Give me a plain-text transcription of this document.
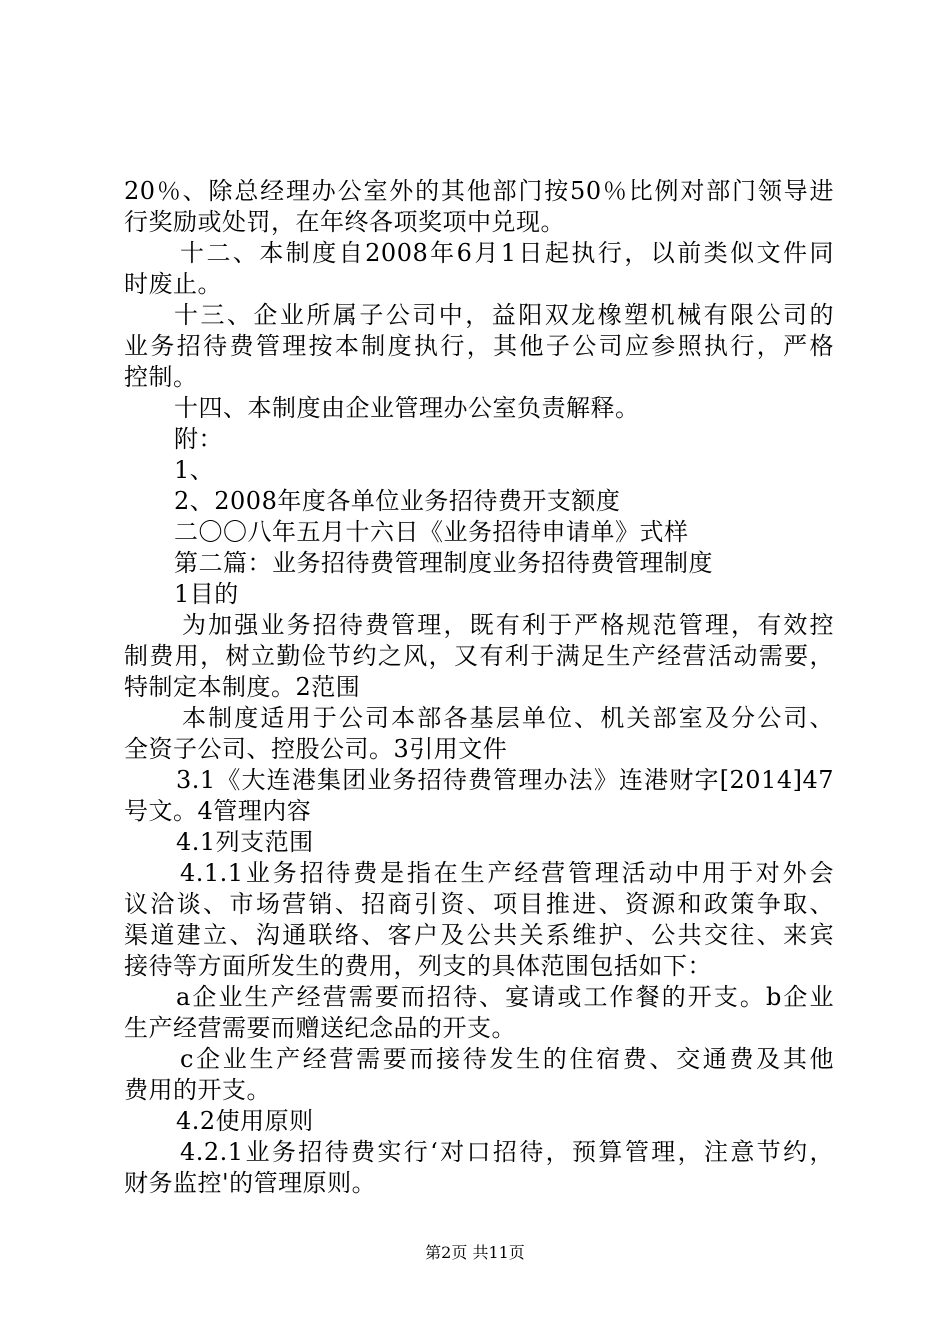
20％、除总经理办公室外的其他部门按50％比例对部门领导进
行奖励或处罚，在年终各项奖项中兑现。
十二、本制度自2008年6月1日起执行，以前类似文件同
时废止。
十三、企业所属子公司中，益阳双龙橡塑机械有限公司的
业务招待费管理按本制度执行，其他子公司应参照执行，严格
控制。
十四、本制度由企业管理办公室负责解释。
附：
1、
2、2008年度各单位业务招待费开支额度
二〇〇八年五月十六日《业务招待申请单》式样
第二篇：业务招待费管理制度业务招待费管理制度
1目的
为加强业务招待费管理，既有利于严格规范管理，有效控
制费用，树立勤俭节约之风，又有利于满足生产经营活动需要，
特制定本制度。2范围
本制度适用于公司本部各基层单位、机关部室及分公司、
全资子公司、控股公司。3引用文件
3.1《大连港集团业务招待费管理办法》连港财字[2014]47
号文。4管理内容
4.1列支范围
4.1.1业务招待费是指在生产经营管理活动中用于对外会
议洽谈、市场营销、招商引资、项目推进、资源和政策争取、
渠道建立、沟通联络、客户及公共关系维护、公共交往、来宾
接待等方面所发生的费用，列支的具体范围包括如下：
a企业生产经营需要而招待、宴请或工作餐的开支。b企业
生产经营需要而赠送纪念品的开支。
c企业生产经营需要而接待发生的住宿费、交通费及其他
费用的开支。
4.2使用原则
4.2.1业务招待费实行‘对口招待，预算管理，注意节约，
财务监控'的管理原则。
第2页 共11页
